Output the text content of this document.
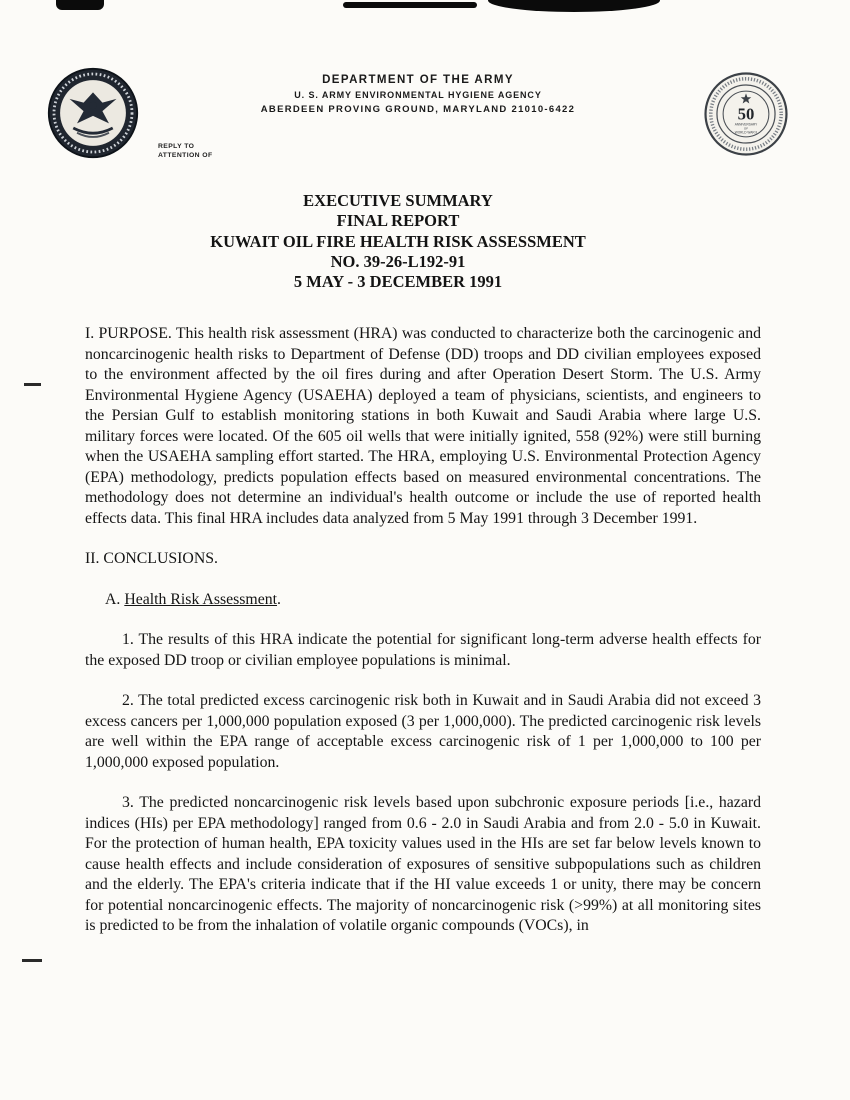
DEPARTMENT OF THE ARMY
U. S. ARMY ENVIRONMENTAL HYGIENE AGENCY
ABERDEEN PROVING GROUND, MARYLAND 21010-6422	50
ANNIVERSARY
OF
WORLD WAR II
REPLY TO
ATTENTION OF
EXECUTIVE SUMMARY
FINAL REPORT
KUWAIT OIL FIRE HEALTH RISK ASSESSMENT
NO. 39-26-L192-91
5 MAY - 3 DECEMBER 1991

I. PURPOSE. This health risk assessment (HRA) was conducted to characterize both the carcinogenic and noncarcinogenic health risks to Department of Defense (DD) troops and DD civilian employees exposed to the environment affected by the oil fires during and after Operation Desert Storm. The U.S. Army Environmental Hygiene Agency (USAEHA) deployed a team of physicians, scientists, and engineers to the Persian Gulf to establish monitoring stations in both Kuwait and Saudi Arabia where large U.S. military forces were located. Of the 605 oil wells that were initially ignited, 558 (92%) were still burning when the USAEHA sampling effort started. The HRA, employing U.S. Environmental Protection Agency (EPA) methodology, predicts population effects based on measured environmental concentrations. The methodology does not determine an individual's health outcome or include the use of reported health effects data. This final HRA includes data analyzed from 5 May 1991 through 3 December 1991.

II. CONCLUSIONS.

A. Health Risk Assessment.

1. The results of this HRA indicate the potential for significant long-term adverse health effects for the exposed DD troop or civilian employee populations is minimal.

2. The total predicted excess carcinogenic risk both in Kuwait and in Saudi Arabia did not exceed 3 excess cancers per 1,000,000 population exposed (3 per 1,000,000). The predicted carcinogenic risk levels are well within the EPA range of acceptable excess carcinogenic risk of 1 per 1,000,000 to 100 per 1,000,000 exposed population.

3. The predicted noncarcinogenic risk levels based upon subchronic exposure periods [i.e., hazard indices (HIs) per EPA methodology] ranged from 0.6 - 2.0 in Saudi Arabia and from 2.0 - 5.0 in Kuwait. For the protection of human health, EPA toxicity values used in the HIs are set far below levels known to cause health effects and include consideration of exposures of sensitive subpopulations such as children and the elderly. The EPA's criteria indicate that if the HI value exceeds 1 or unity, there may be concern for potential noncarcinogenic effects. The majority of noncarcinogenic risk (>99%) at all monitoring sites is predicted to be from the inhalation of volatile organic compounds (VOCs), in
